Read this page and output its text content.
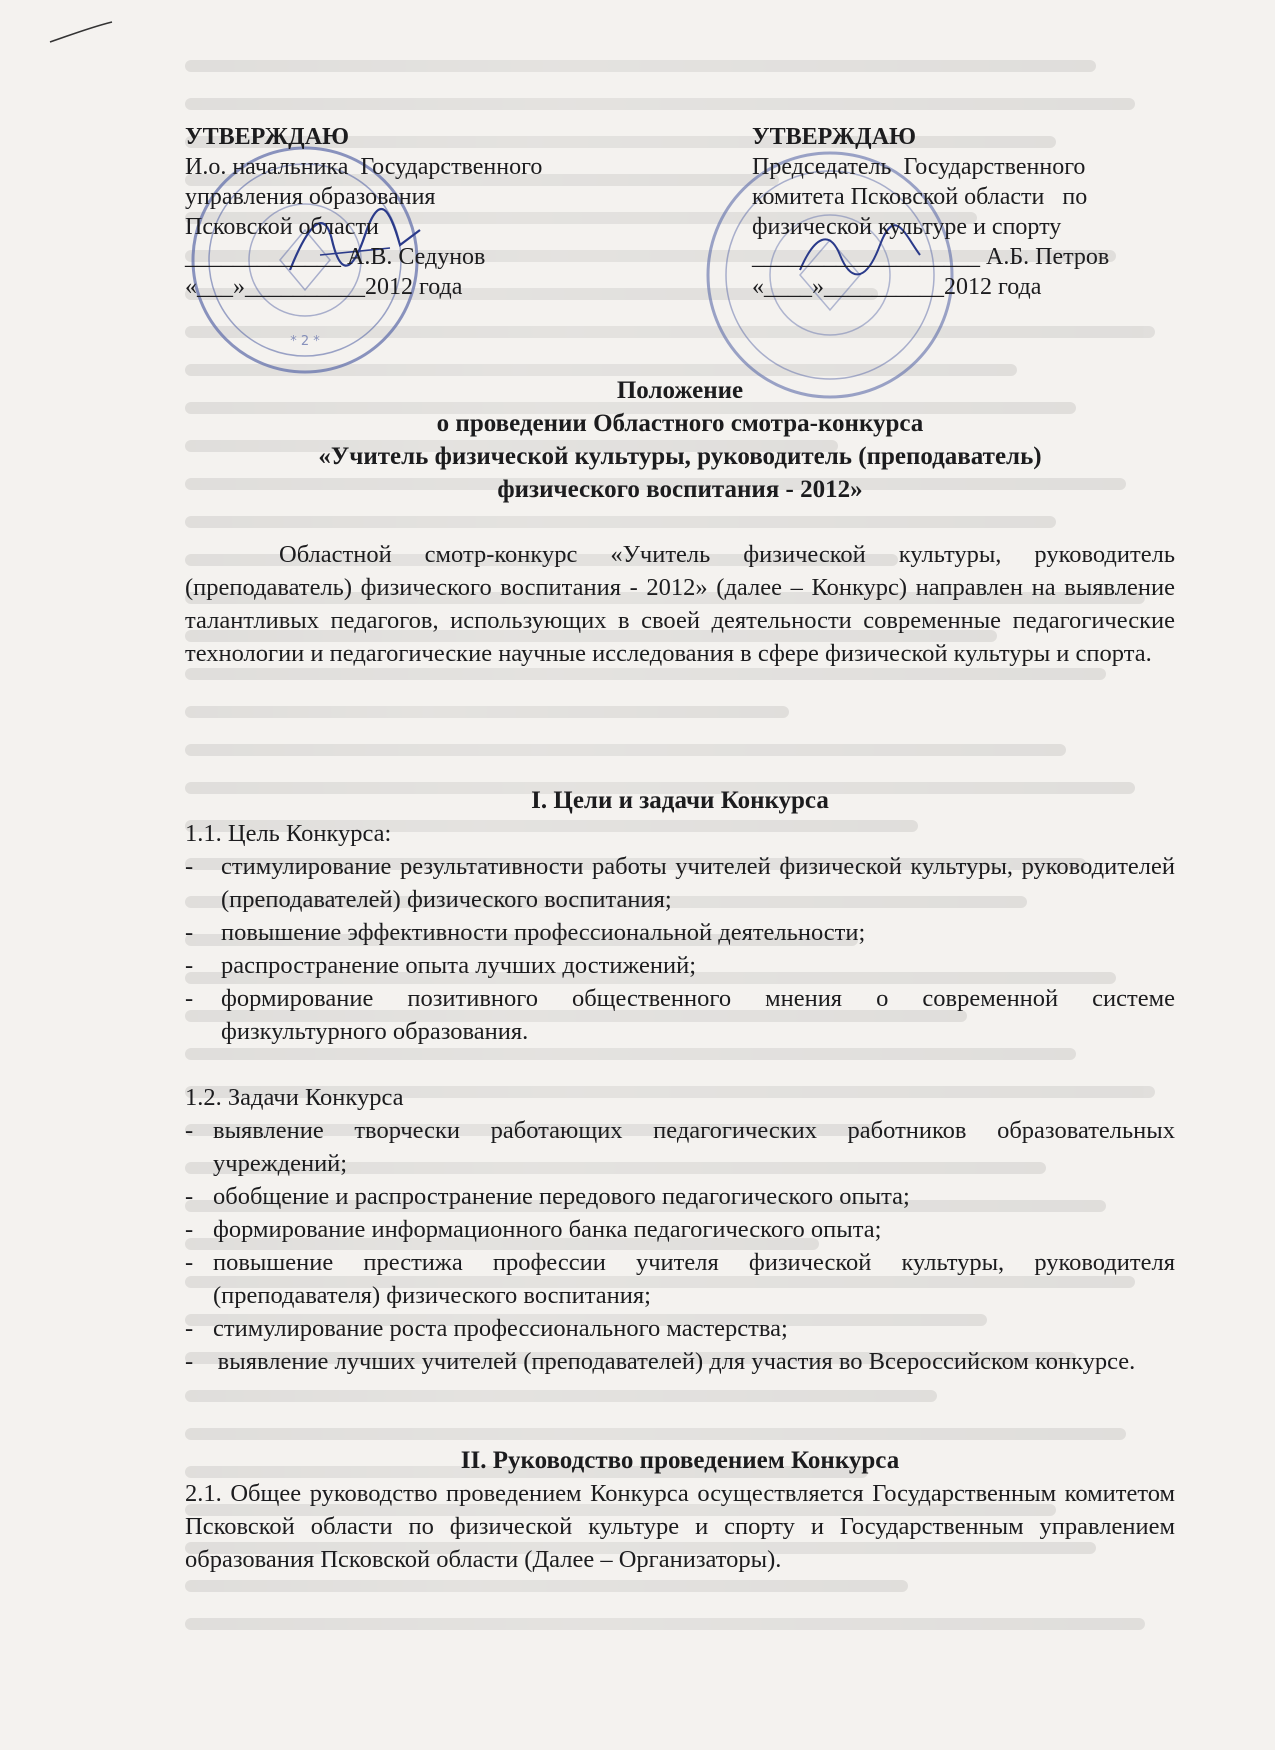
* 2 *
УТВЕРЖДАЮ
И.о. начальника  Государственного
управления образования
Псковской области
_____________ А.В. Седунов
«___»__________2012 года
УТВЕРЖДАЮ
Председатель  Государственного
комитета Псковской области   по
физической культуре и спорту
___________________ А.Б. Петров
«____»__________2012 года
Положение
о проведении Областного смотра-конкурса
«Учитель физической культуры, руководитель (преподаватель)
физического воспитания - 2012»
Областной смотр-конкурс «Учитель физической культуры, руководитель (преподаватель) физического воспитания - 2012» (далее – Конкурс) направлен на выявление талантливых педагогов, использующих в своей деятельности современные педагогические технологии и педагогические научные исследования в сфере физической культуры и спорта.
I. Цели и задачи Конкурса
1.1. Цель Конкурса:
- стимулирование результативности работы учителей физической культуры, руководителей (преподавателей) физического воспитания;
- повышение эффективности профессиональной деятельности;
- распространение опыта лучших достижений;
- формирование позитивного общественного мнения о современной системе физкультурного образования.
1.2. Задачи Конкурса
- выявление творчески работающих педагогических работников образовательных учреждений;
- обобщение и распространение передового педагогического опыта;
- формирование информационного банка педагогического опыта;
- повышение престижа профессии учителя физической культуры, руководителя (преподавателя) физического воспитания;
- стимулирование роста профессионального мастерства;
-    выявление лучших учителей (преподавателей) для участия во Всероссийском конкурсе.
II. Руководство проведением Конкурса
2.1. Общее руководство проведением Конкурса осуществляется Государственным комитетом Псковской области по физической культуре и спорту и Государственным управлением образования Псковской области (Далее – Организаторы).
